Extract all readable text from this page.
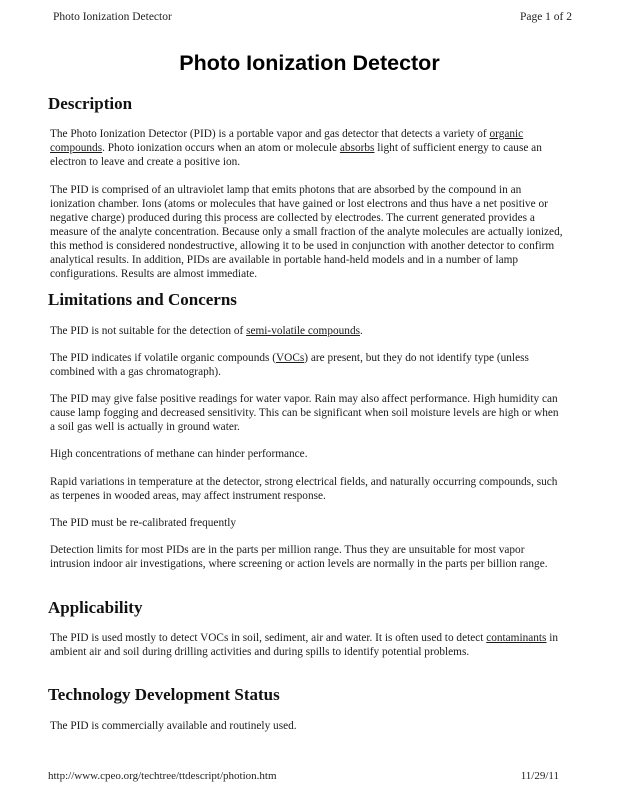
Photo Ionization Detector	Page 1 of 2
Photo Ionization Detector
Description
The Photo Ionization Detector (PID) is a portable vapor and gas detector that detects a variety of organic compounds. Photo ionization occurs when an atom or molecule absorbs light of sufficient energy to cause an electron to leave and create a positive ion.
The PID is comprised of an ultraviolet lamp that emits photons that are absorbed by the compound in an ionization chamber. Ions (atoms or molecules that have gained or lost electrons and thus have a net positive or negative charge) produced during this process are collected by electrodes. The current generated provides a measure of the analyte concentration. Because only a small fraction of the analyte molecules are actually ionized, this method is considered nondestructive, allowing it to be used in conjunction with another detector to confirm analytical results. In addition, PIDs are available in portable hand-held models and in a number of lamp configurations. Results are almost immediate.
Limitations and Concerns
The PID is not suitable for the detection of semi-volatile compounds.
The PID indicates if volatile organic compounds (VOCs) are present, but they do not identify type (unless combined with a gas chromatograph).
The PID may give false positive readings for water vapor. Rain may also affect performance. High humidity can cause lamp fogging and decreased sensitivity. This can be significant when soil moisture levels are high or when a soil gas well is actually in ground water.
High concentrations of methane can hinder performance.
Rapid variations in temperature at the detector, strong electrical fields, and naturally occurring compounds, such as terpenes in wooded areas, may affect instrument response.
The PID must be re-calibrated frequently
Detection limits for most PIDs are in the parts per million range. Thus they are unsuitable for most vapor intrusion indoor air investigations, where screening or action levels are normally in the parts per billion range.
Applicability
The PID is used mostly to detect VOCs in soil, sediment, air and water. It is often used to detect contaminants in ambient air and soil during drilling activities and during spills to identify potential problems.
Technology Development Status
The PID is commercially available and routinely used.
http://www.cpeo.org/techtree/ttdescript/photion.htm	11/29/11
